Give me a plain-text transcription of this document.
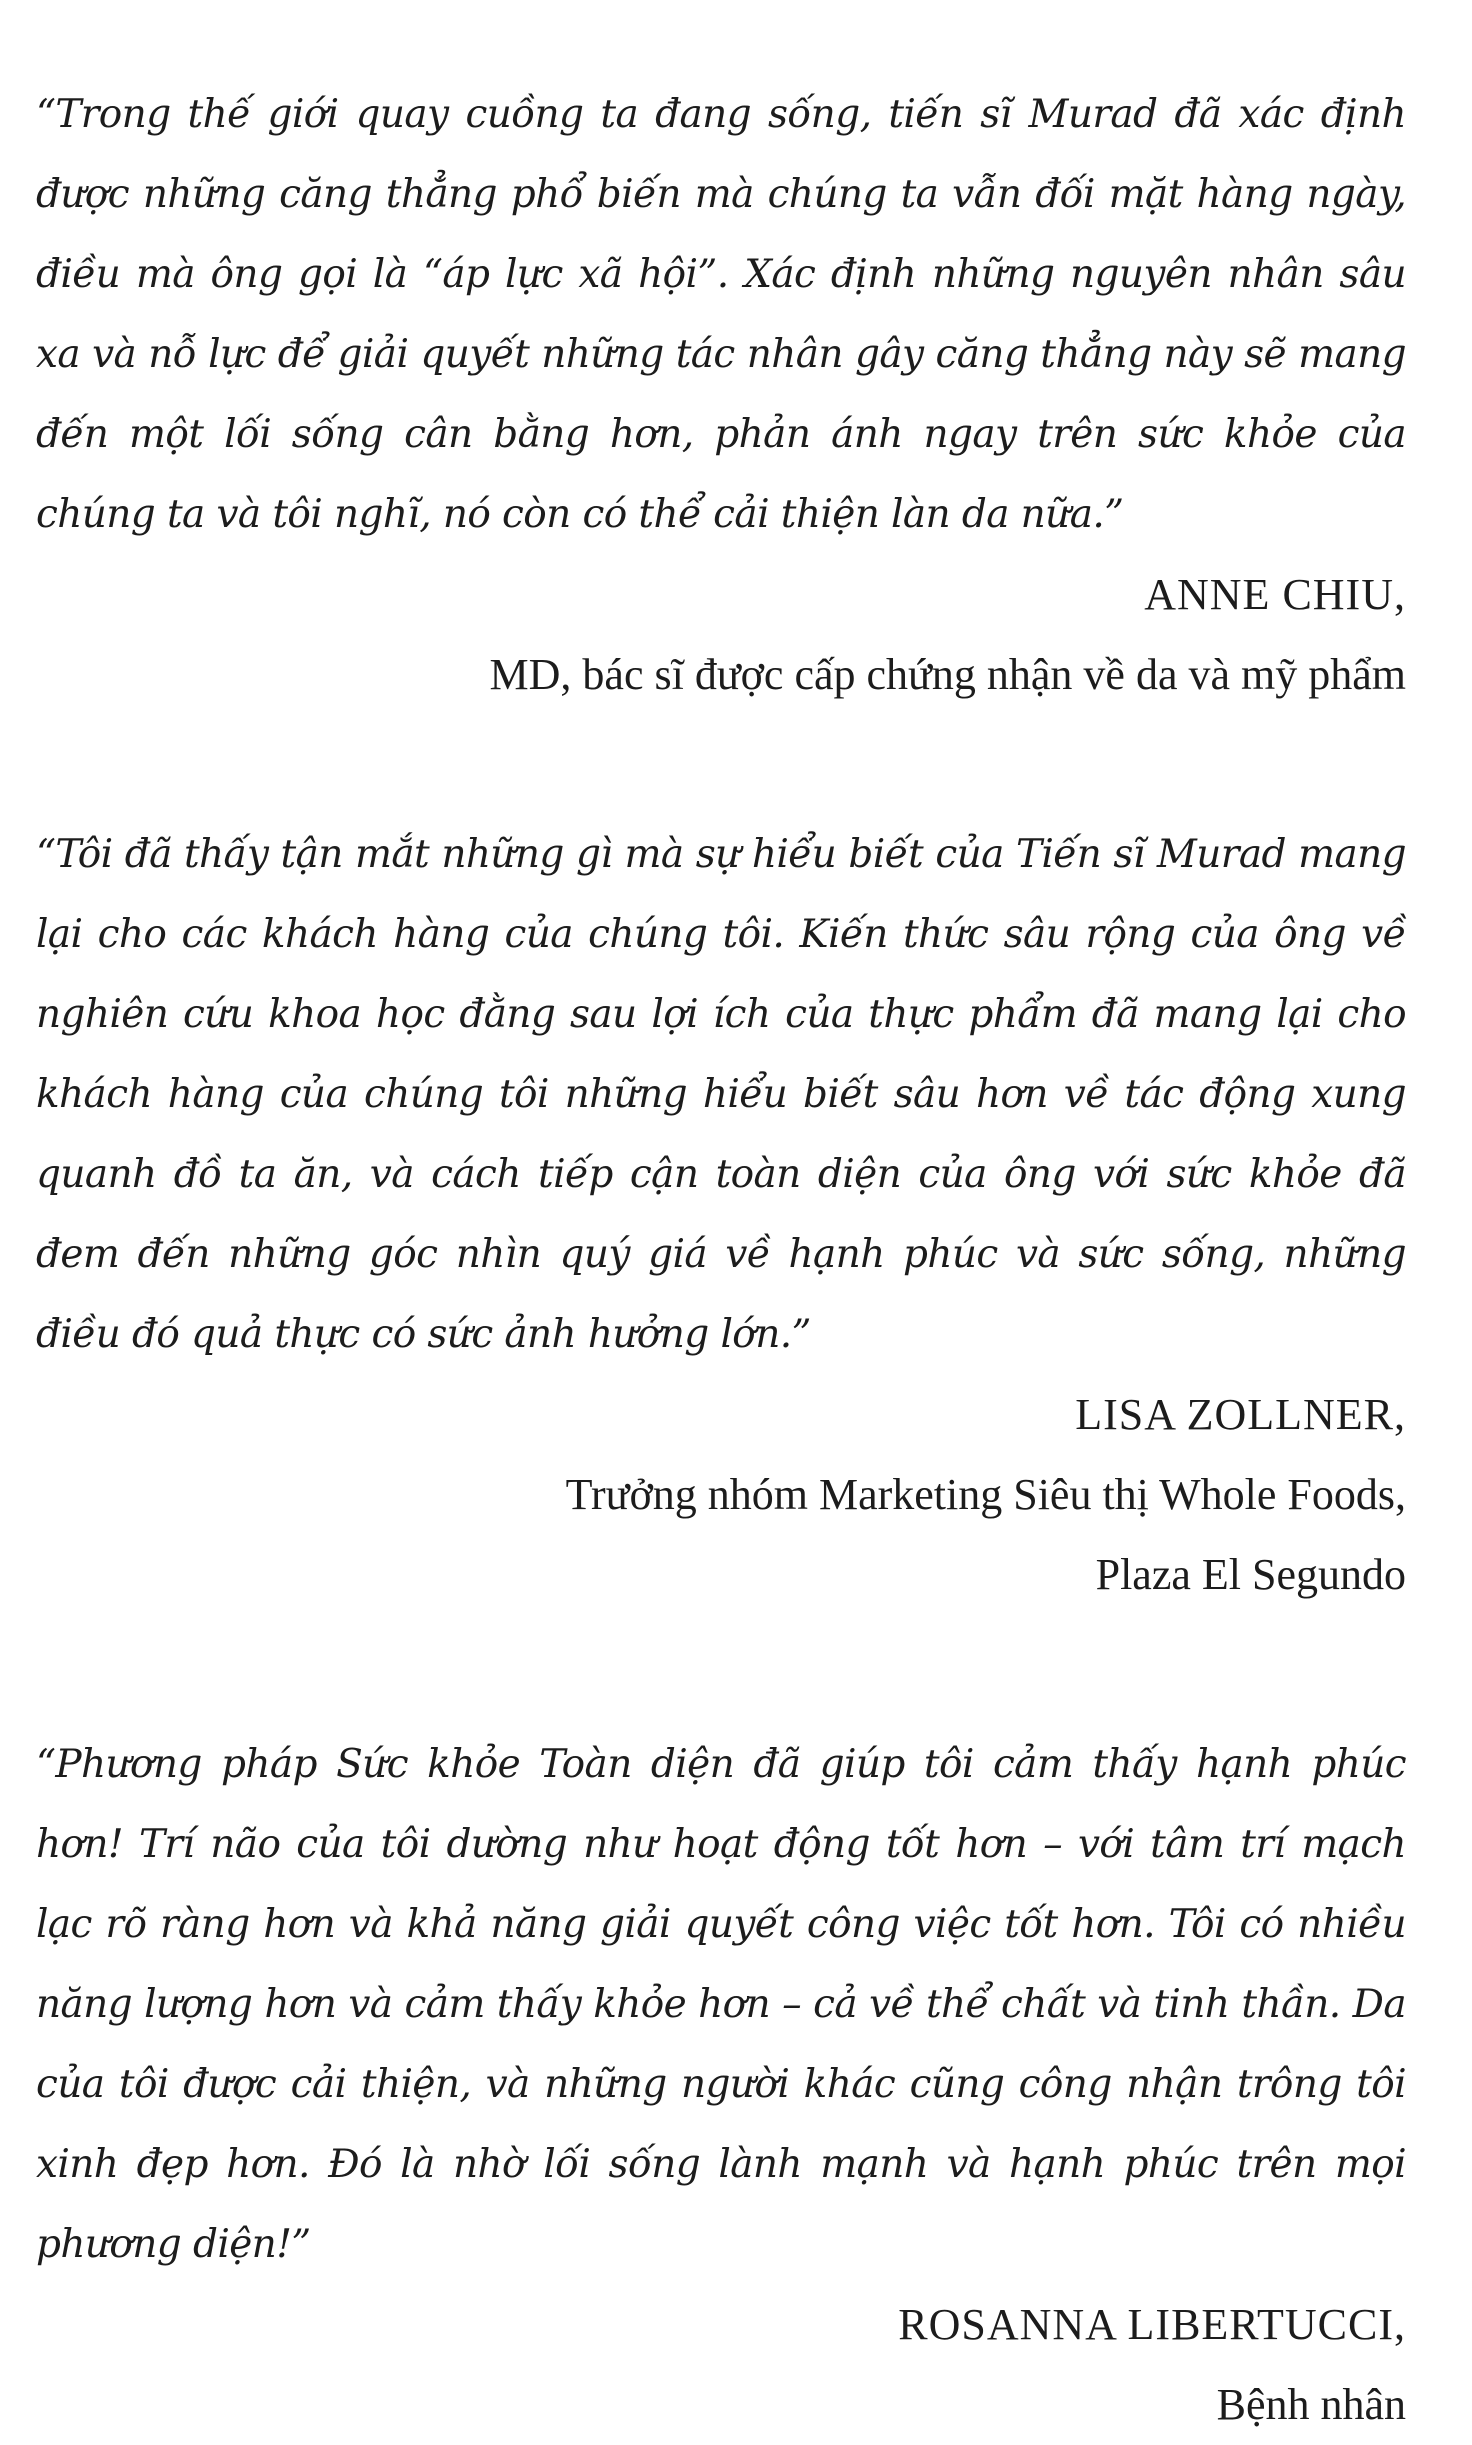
“Trong thế giới quay cuồng ta đang sống, tiến sĩ Murad đã xác định được những căng thẳng phổ biến mà chúng ta vẫn đối mặt hàng ngày, điều mà ông gọi là “áp lực xã hội”. Xác định những nguyên nhân sâu xa và nỗ lực để giải quyết những tác nhân gây căng thẳng này sẽ mang đến một lối sống cân bằng hơn, phản ánh ngay trên sức khỏe của chúng ta và tôi nghĩ, nó còn có thể cải thiện làn da nữa.”

ANNE CHIU,
MD, bác sĩ được cấp chứng nhận về da và mỹ phẩm

“Tôi đã thấy tận mắt những gì mà sự hiểu biết của Tiến sĩ Murad mang lại cho các khách hàng của chúng tôi. Kiến thức sâu rộng của ông về nghiên cứu khoa học đằng sau lợi ích của thực phẩm đã mang lại cho khách hàng của chúng tôi những hiểu biết sâu hơn về tác động xung quanh đồ ta ăn, và cách tiếp cận toàn diện của ông với sức khỏe đã đem đến những góc nhìn quý giá về hạnh phúc và sức sống, những điều đó quả thực có sức ảnh hưởng lớn.”

LISA ZOLLNER,
Trưởng nhóm Marketing Siêu thị Whole Foods,
Plaza El Segundo

“Phương pháp Sức khỏe Toàn diện đã giúp tôi cảm thấy hạnh phúc hơn! Trí não của tôi dường như hoạt động tốt hơn – với tâm trí mạch lạc rõ ràng hơn và khả năng giải quyết công việc tốt hơn. Tôi có nhiều năng lượng hơn và cảm thấy khỏe hơn – cả về thể chất và tinh thần. Da của tôi được cải thiện, và những người khác cũng công nhận trông tôi xinh đẹp hơn. Đó là nhờ lối sống lành mạnh và hạnh phúc trên mọi phương diện!”

ROSANNA LIBERTUCCI,
Bệnh nhân
